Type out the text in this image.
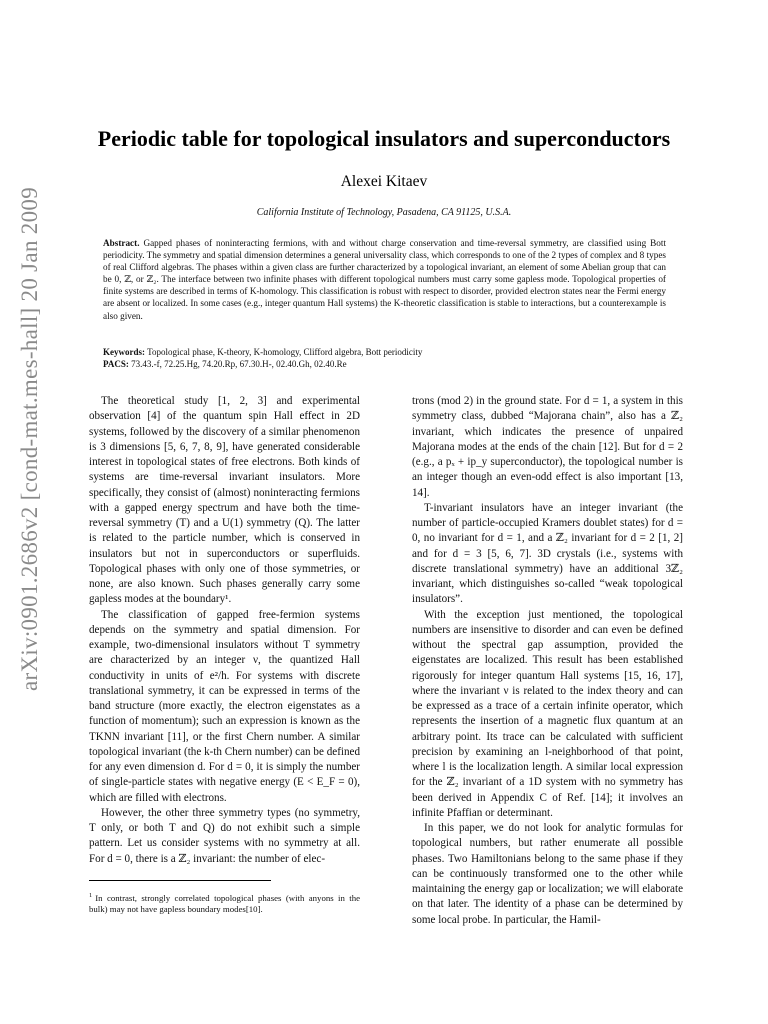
arXiv:0901.2686v2 [cond-mat.mes-hall] 20 Jan 2009
Periodic table for topological insulators and superconductors
Alexei Kitaev
California Institute of Technology, Pasadena, CA 91125, U.S.A.
Abstract. Gapped phases of noninteracting fermions, with and without charge conservation and time-reversal symmetry, are classified using Bott periodicity. The symmetry and spatial dimension determines a general universality class, which corresponds to one of the 2 types of complex and 8 types of real Clifford algebras. The phases within a given class are further characterized by a topological invariant, an element of some Abelian group that can be 0, ℤ, or ℤ₂. The interface between two infinite phases with different topological numbers must carry some gapless mode. Topological properties of finite systems are described in terms of K-homology. This classification is robust with respect to disorder, provided electron states near the Fermi energy are absent or localized. In some cases (e.g., integer quantum Hall systems) the K-theoretic classification is stable to interactions, but a counterexample is also given.
Keywords: Topological phase, K-theory, K-homology, Clifford algebra, Bott periodicity
PACS: 73.43.-f, 72.25.Hg, 74.20.Rp, 67.30.H-, 02.40.Gh, 02.40.Re

The theoretical study [1, 2, 3] and experimental observation [4] of the quantum spin Hall effect in 2D systems, followed by the discovery of a similar phenomenon is 3 dimensions [5, 6, 7, 8, 9], have generated considerable interest in topological states of free electrons. Both kinds of systems are time-reversal invariant insulators. More specifically, they consist of (almost) noninteracting fermions with a gapped energy spectrum and have both the time-reversal symmetry (T) and a U(1) symmetry (Q). The latter is related to the particle number, which is conserved in insulators but not in superconductors or superfluids. Topological phases with only one of those symmetries, or none, are also known. Such phases generally carry some gapless modes at the boundary¹.

The classification of gapped free-fermion systems depends on the symmetry and spatial dimension. For example, two-dimensional insulators without T symmetry are characterized by an integer ν, the quantized Hall conductivity in units of e²/h. For systems with discrete translational symmetry, it can be expressed in terms of the band structure (more exactly, the electron eigenstates as a function of momentum); such an expression is known as the TKNN invariant [11], or the first Chern number. A similar topological invariant (the k-th Chern number) can be defined for any even dimension d. For d = 0, it is simply the number of single-particle states with negative energy (E < E_F = 0), which are filled with electrons.

However, the other three symmetry types (no symmetry, T only, or both T and Q) do not exhibit such a simple pattern. Let us consider systems with no symmetry at all. For d = 0, there is a ℤ₂ invariant: the number of elec-

trons (mod 2) in the ground state. For d = 1, a system in this symmetry class, dubbed “Majorana chain”, also has a ℤ₂ invariant, which indicates the presence of unpaired Majorana modes at the ends of the chain [12]. But for d = 2 (e.g., a pₓ + ip_y superconductor), the topological number is an integer though an even-odd effect is also important [13, 14].

T-invariant insulators have an integer invariant (the number of particle-occupied Kramers doublet states) for d = 0, no invariant for d = 1, and a ℤ₂ invariant for d = 2 [1, 2] and for d = 3 [5, 6, 7]. 3D crystals (i.e., systems with discrete translational symmetry) have an additional 3ℤ₂ invariant, which distinguishes so-called “weak topological insulators”.

With the exception just mentioned, the topological numbers are insensitive to disorder and can even be defined without the spectral gap assumption, provided the eigenstates are localized. This result has been established rigorously for integer quantum Hall systems [15, 16, 17], where the invariant ν is related to the index theory and can be expressed as a trace of a certain infinite operator, which represents the insertion of a magnetic flux quantum at an arbitrary point. Its trace can be calculated with sufficient precision by examining an l-neighborhood of that point, where l is the localization length. A similar local expression for the ℤ₂ invariant of a 1D system with no symmetry has been derived in Appendix C of Ref. [14]; it involves an infinite Pfaffian or determinant.

In this paper, we do not look for analytic formulas for topological numbers, but rather enumerate all possible phases. Two Hamiltonians belong to the same phase if they can be continuously transformed one to the other while maintaining the energy gap or localization; we will elaborate on that later. The identity of a phase can be determined by some local probe. In particular, the Hamil-

$^1$ In contrast, strongly correlated topological phases (with anyons in the bulk) may not have gapless boundary modes[10].
